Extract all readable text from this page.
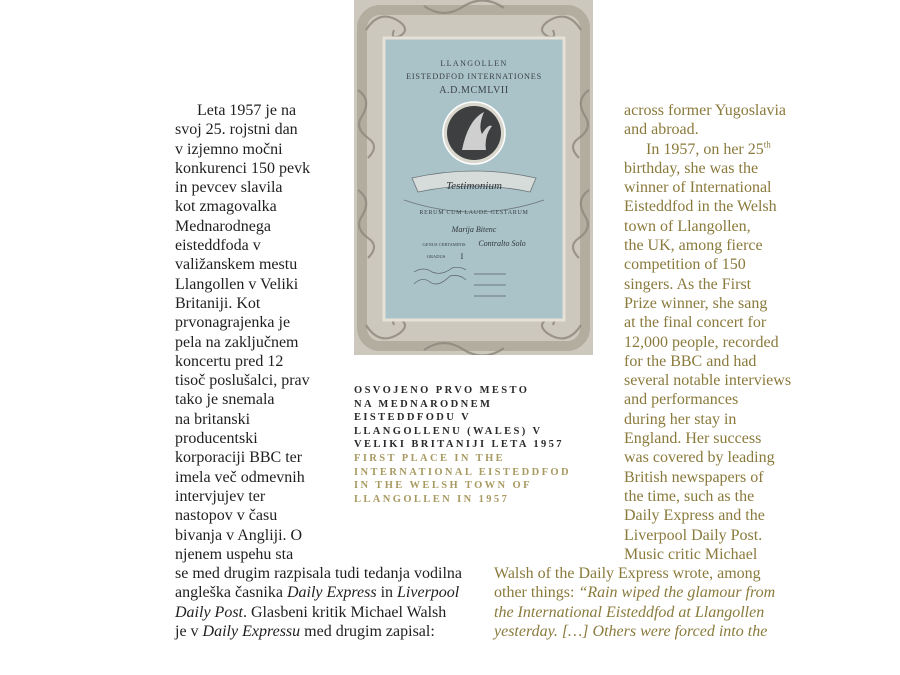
Leta 1957 je na
svoj 25. rojstni dan
v izjemno močni
konkurenci 150 pevk
in pevcev slavila
kot zmagovalka
Mednarodnega
eisteddfoda v
valižanskem mestu
Llangollen v Veliki
Britaniji. Kot
prvonagrajenka je
pela na zaključnem
koncertu pred 12
tisoč poslušalci, prav
tako je snemala
na britanski
producentski
korporaciji BBC ter
imela več odmevnih
intervjujev ter
nastopov v času
bivanja v Angliji. O
njenem uspehu sta
se med drugim razpisala tudi tedanja vodilna
angleška časnika Daily Express in Liverpool
Daily Post. Glasbeni kritik Michael Walsh
je v Daily Expressu med drugim zapisal:
LLANGOLLEN
EISTEDDFOD INTERNATIONES
A.D.MCMLVII
Testimonium
RERUM CUM LAUDE GESTARUM
Marija Bitenc
GENUS CERTAMINIS Contralto Solo
GRADUS I
OSVOJENO PRVO MESTO
NA MEDNARODNEM
EISTEDDFODU V
LLANGOLLENU (WALES) V
VELIKI BRITANIJI LETA 1957
FIRST PLACE IN THE
INTERNATIONAL EISTEDDFOD
IN THE WELSH TOWN OF
LLANGOLLEN IN 1957
across former Yugoslavia
and abroad.
In 1957, on her 25th
birthday, she was the
winner of International
Eisteddfod in the Welsh
town of Llangollen,
the UK, among fierce
competition of 150
singers. As the First
Prize winner, she sang
at the final concert for
12,000 people, recorded
for the BBC and had
several notable interviews
and performances
during her stay in
England. Her success
was covered by leading
British newspapers of
the time, such as the
Daily Express and the
Liverpool Daily Post.
Music critic Michael
Walsh of the Daily Express wrote, among
other things: “Rain wiped the glamour from
the International Eisteddfod at Llangollen
yesterday. […] Others were forced into the
